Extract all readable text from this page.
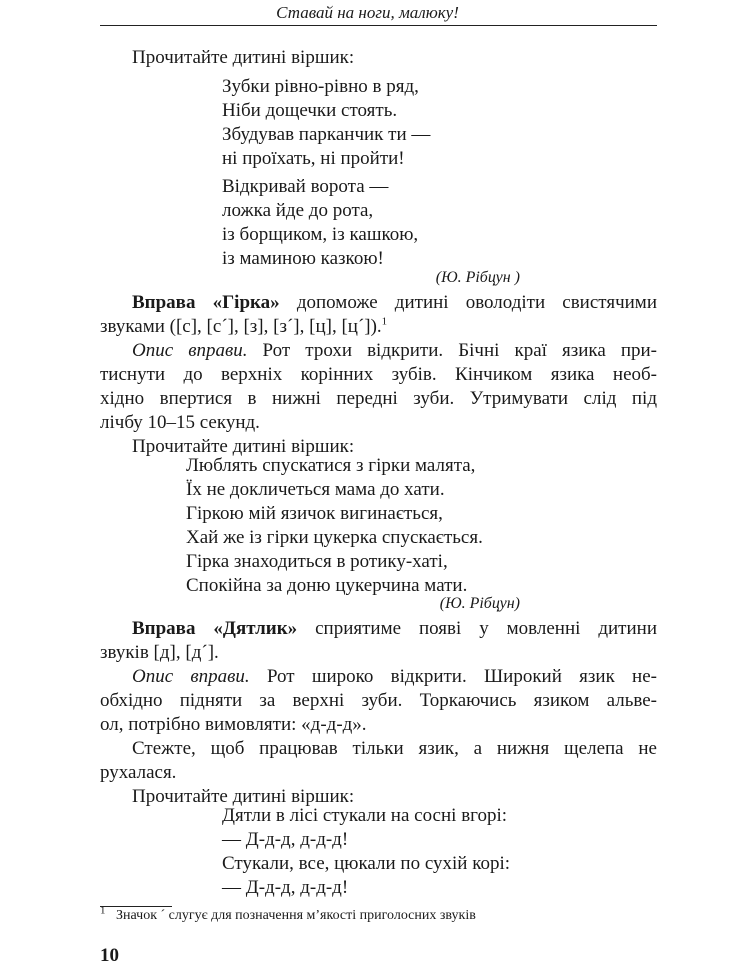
Ставай на ноги, малюку!
Прочитайте дитині віршик:
Зубки рівно-рівно в ряд,
Ніби дощечки стоять.
Збудував парканчик ти —
ні проїхать, ні пройти!
Відкривай ворота —
ложка йде до рота,
із борщиком, із кашкою,
із маминою казкою!
(Ю. Рібцун )
Вправа «Гірка» допоможе дитині оволодіти свистячими
звуками ([с], [с´], [з], [з´], [ц], [ц´]).$^1$
Опис вправи. Рот трохи відкрити. Бічні краї язика при-
тиснути до верхніх корінних зубів. Кінчиком язика необ-
хідно впертися в нижні передні зуби. Утримувати слід під
лічбу 10–15 секунд.
Прочитайте дитині віршик:
Люблять спускатися з гірки малята,
Їх не докличеться мама до хати.
Гіркою мій язичок вигинається,
Хай же із гірки цукерка спускається.
Гірка знаходиться в ротику-хаті,
Спокійна за доню цукерчина мати.
(Ю. Рібцун)
Вправа «Дятлик» сприятиме появі у мовленні дитини
звуків [д], [д´].
Опис вправи. Рот широко відкрити. Широкий язик не-
обхідно підняти за верхні зуби. Торкаючись язиком альве-
ол, потрібно вимовляти: «д-д-д».
Стежте, щоб працював тільки язик, а нижня щелепа не
рухалася.
Прочитайте дитині віршик:
Дятли в лісі стукали на сосні вгорі:
— Д-д-д, д-д-д!
Стукали, все, цюкали по сухій корі:
— Д-д-д, д-д-д!
$^1$ Значок ´ слугує для позначення м’якості приголосних звуків
10
